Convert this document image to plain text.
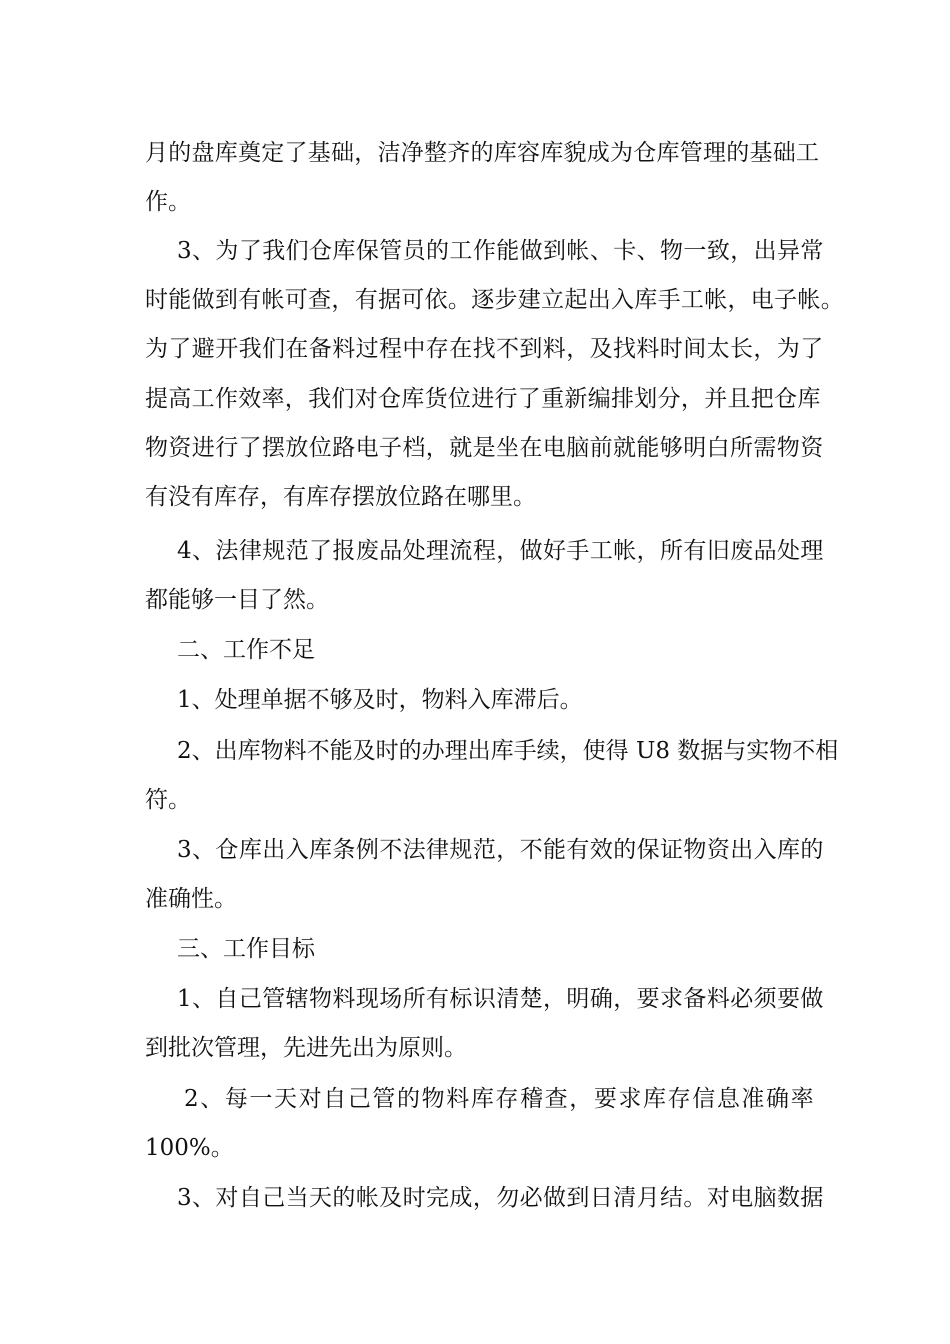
月的盘库奠定了基础，洁净整齐的库容库貌成为仓库管理的基础工
作。
3、为了我们仓库保管员的工作能做到帐、卡、物一致，出异常
时能做到有帐可查，有据可依。逐步建立起出入库手工帐，电子帐。
为了避开我们在备料过程中存在找不到料，及找料时间太长，为了
提高工作效率，我们对仓库货位进行了重新编排划分，并且把仓库
物资进行了摆放位路电子档，就是坐在电脑前就能够明白所需物资
有没有库存，有库存摆放位路在哪里。
4、法律规范了报废品处理流程，做好手工帐，所有旧废品处理
都能够一目了然。
二、工作不足
1、处理单据不够及时，物料入库滞后。
2、出库物料不能及时的办理出库手续，使得 U8 数据与实物不相
符。
3、仓库出入库条例不法律规范，不能有效的保证物资出入库的
准确性。
三、工作目标
1、自己管辖物料现场所有标识清楚，明确，要求备料必须要做
到批次管理，先进先出为原则。
2、每一天对自己管的物料库存稽查，要求库存信息准确率
100%。
3、对自己当天的帐及时完成，勿必做到日清月结。对电脑数据
